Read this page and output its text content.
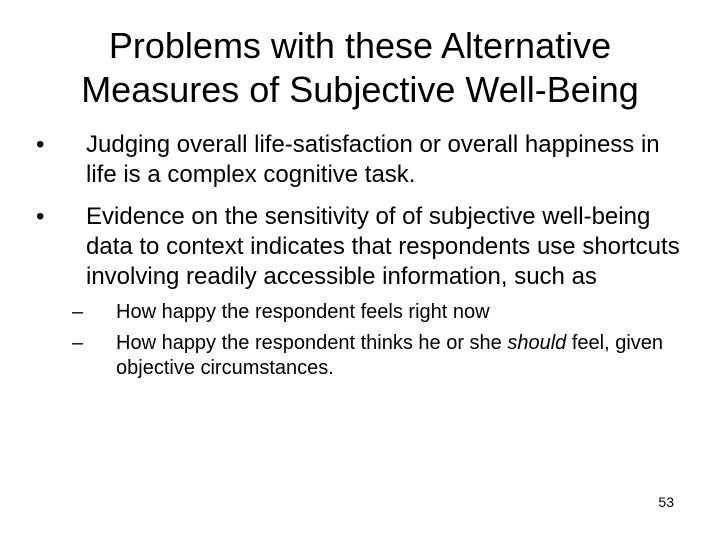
Problems with these Alternative
Measures of Subjective Well-Being
•	Judging overall life-satisfaction or overall happiness in life is a complex cognitive task.
•	Evidence on the sensitivity of of subjective well-being data to context indicates that respondents use shortcuts involving readily accessible information, such as
– How happy the respondent feels right now
– How happy the respondent thinks he or she should feel, given objective circumstances.
53
